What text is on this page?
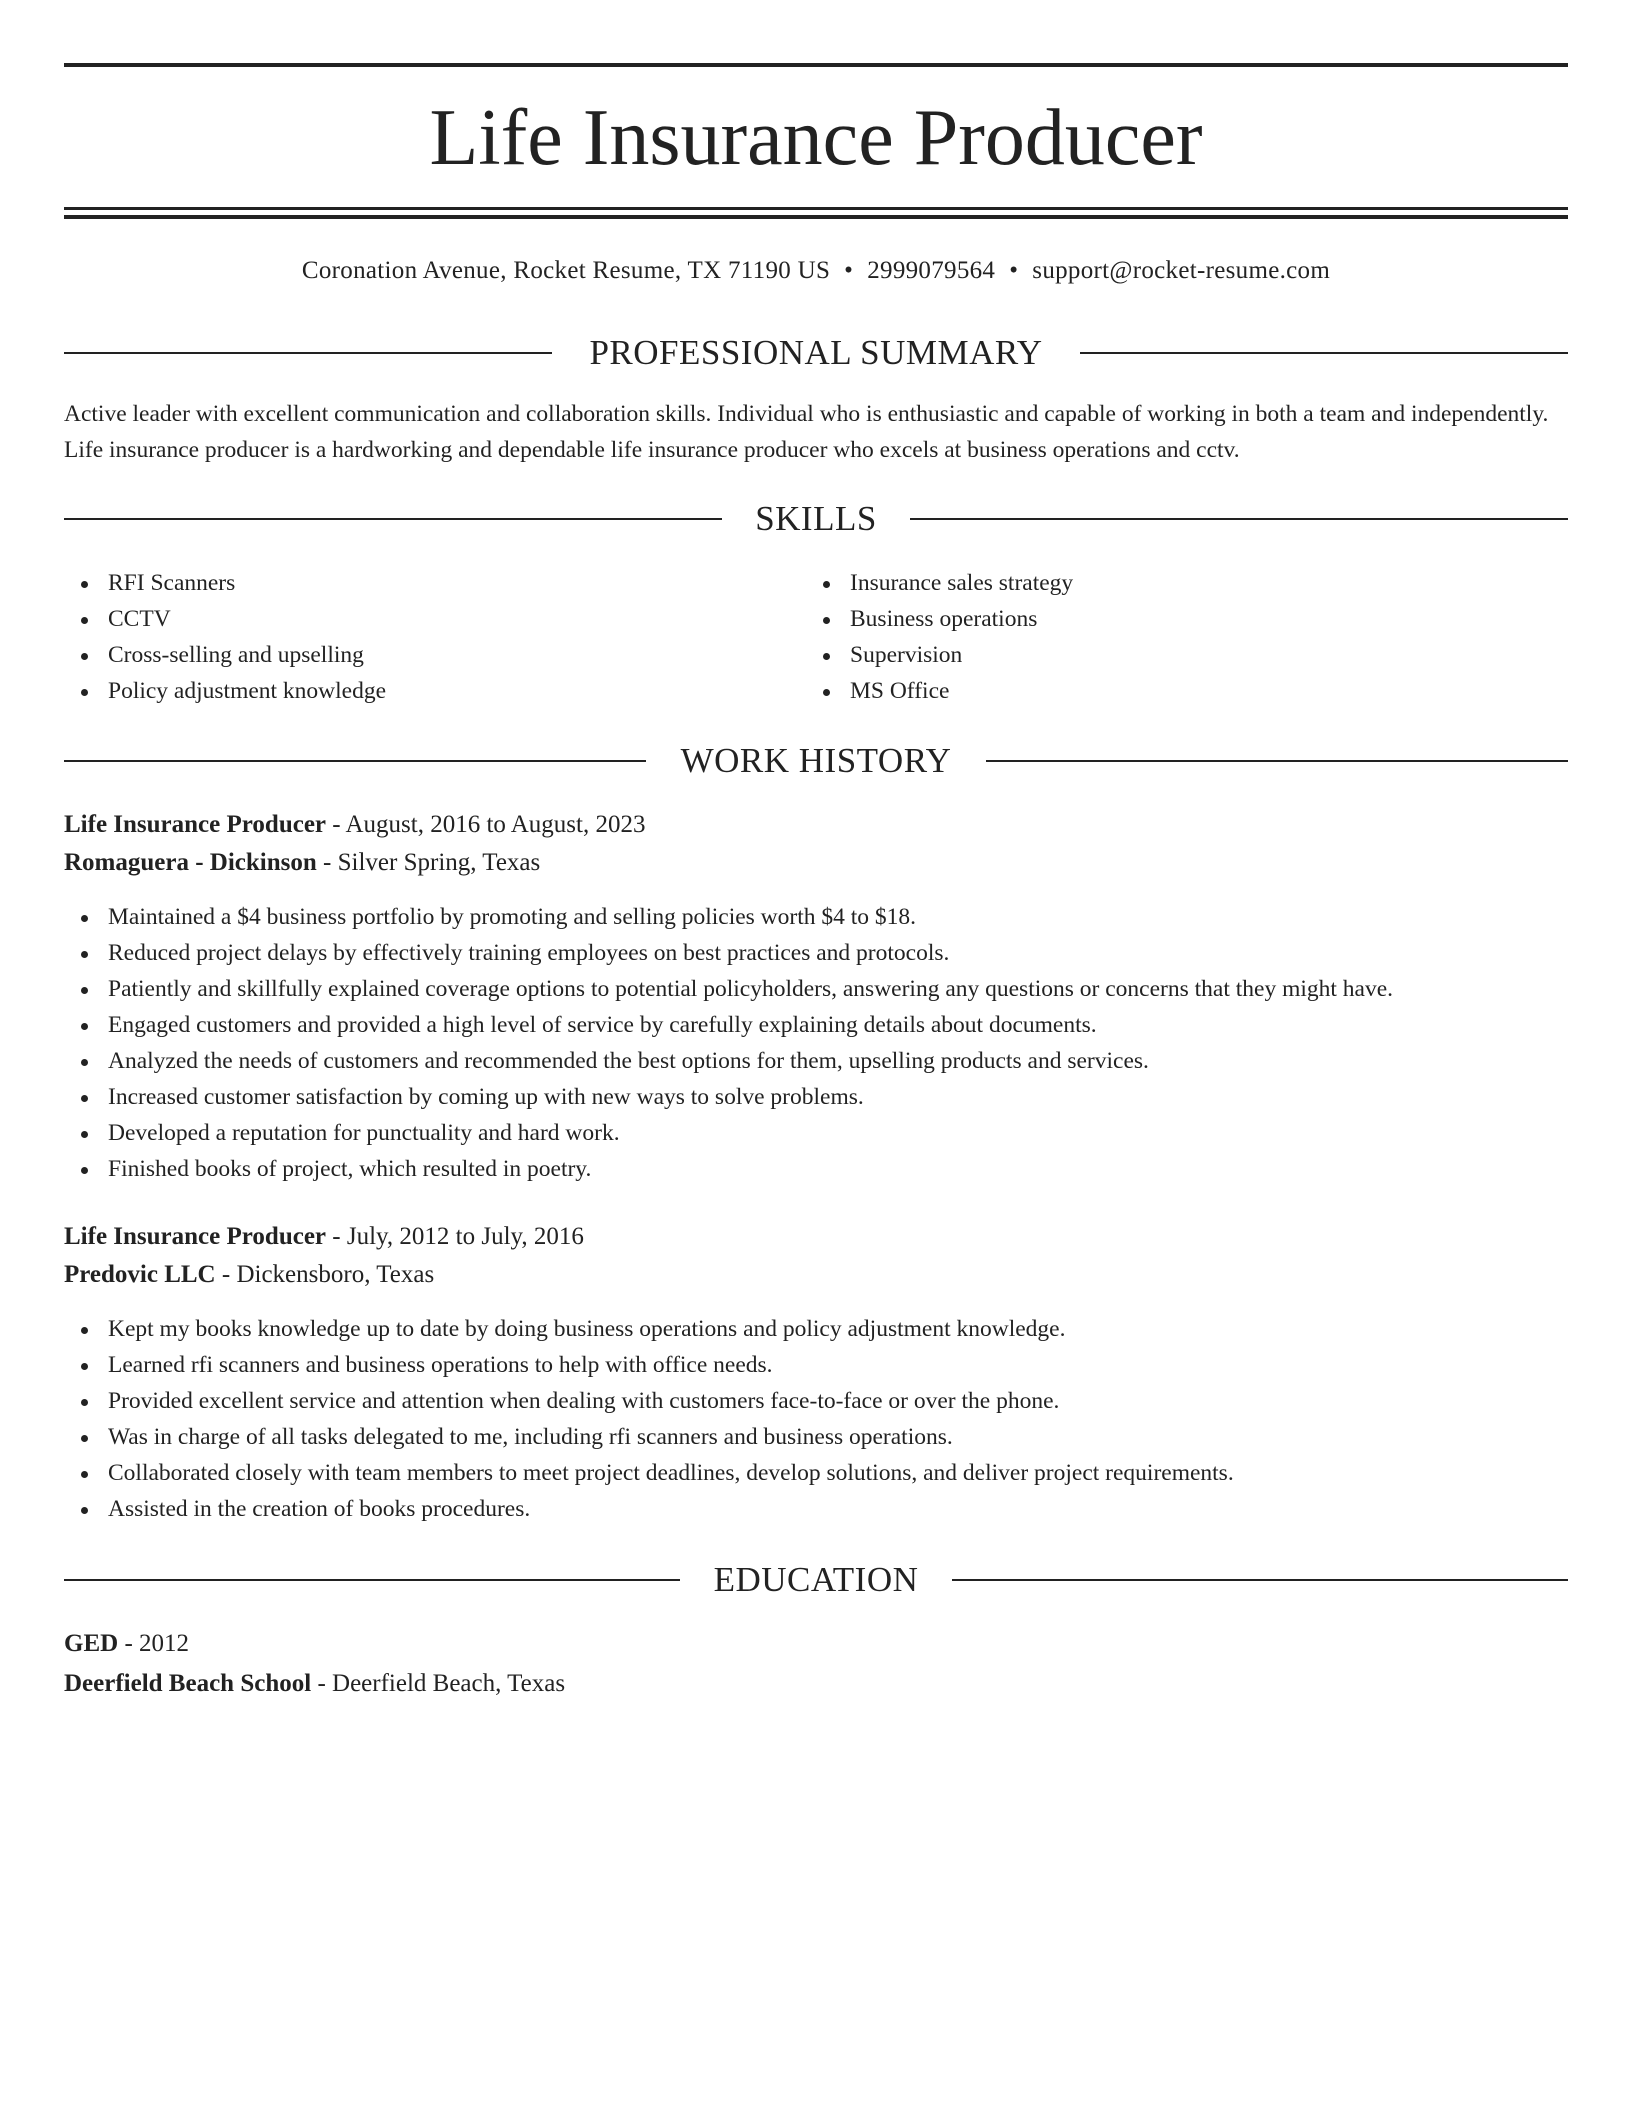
Life Insurance Producer
Coronation Avenue, Rocket Resume, TX 71190 US • 2999079564 • support@rocket-resume.com
PROFESSIONAL SUMMARY

Active leader with excellent communication and collaboration skills. Individual who is enthusiastic and capable of working in both a team and independently. Life insurance producer is a hardworking and dependable life insurance producer who excels at business operations and cctv.

SKILLS
RFI Scanners
CCTV
Cross-selling and upselling
Policy adjustment knowledge
Insurance sales strategy
Business operations
Supervision
MS Office
WORK HISTORY
Life Insurance Producer - August, 2016 to August, 2023
Romaguera - Dickinson - Silver Spring, Texas
Maintained a $4 business portfolio by promoting and selling policies worth $4 to $18.
Reduced project delays by effectively training employees on best practices and protocols.
Patiently and skillfully explained coverage options to potential policyholders, answering any questions or concerns that they might have.
Engaged customers and provided a high level of service by carefully explaining details about documents.
Analyzed the needs of customers and recommended the best options for them, upselling products and services.
Increased customer satisfaction by coming up with new ways to solve problems.
Developed a reputation for punctuality and hard work.
Finished books of project, which resulted in poetry.
Life Insurance Producer - July, 2012 to July, 2016
Predovic LLC - Dickensboro, Texas
Kept my books knowledge up to date by doing business operations and policy adjustment knowledge.
Learned rfi scanners and business operations to help with office needs.
Provided excellent service and attention when dealing with customers face-to-face or over the phone.
Was in charge of all tasks delegated to me, including rfi scanners and business operations.
Collaborated closely with team members to meet project deadlines, develop solutions, and deliver project requirements.
Assisted in the creation of books procedures.
EDUCATION
GED - 2012
Deerfield Beach School - Deerfield Beach, Texas
